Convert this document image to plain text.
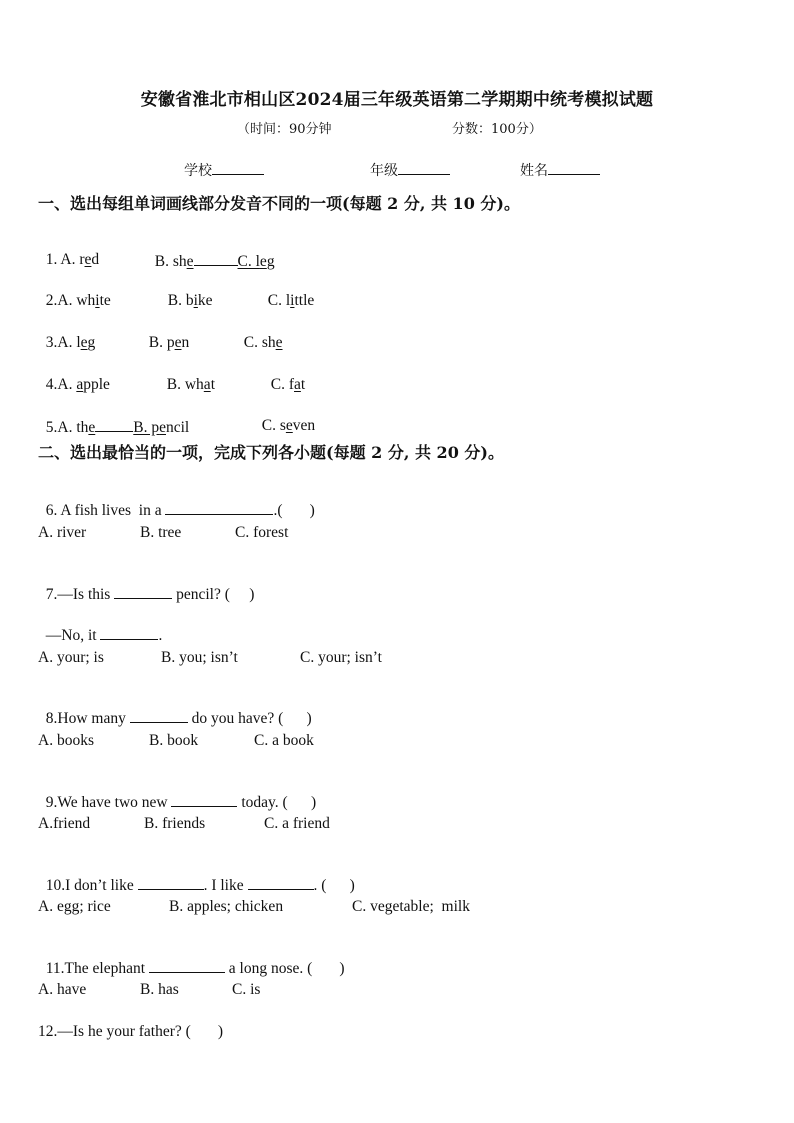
安徽省淮北市相山区2024届三年级英语第二学期期中统考模拟试题
（时间：90分钟	分数：100分）
学校	年级	姓名
一、选出每组单词画线部分发音不同的一项(每题 2 分, 共 10 分)。

1. A. red	B. she	C. leg

2.A. white	B. bike	C. little

3.A. leg	B. pen	C. she

4.A. apple	B. what	C. fat

5.A. the B. pencil	C. seven

二、选出最恰当的一项，完成下列各小题(每题 2 分, 共 20 分)。

6. A fish lives  in a	.(       )

A. river	B. tree	C. forest

7.—Is this	pencil? (     )

—No, it	.

A. your; is	B. you; isn’t	C. your; isn’t

8.How many	do you have? (      )

A. books	B. book	C. a book

9.We have two new	today. (      )

A.friend	B. friends	C. a friend

10.I don’t like	. I like	. (      )

A. egg; rice	B. apples; chicken	C. vegetable;  milk

11.The elephant	a long nose. (       )

A. have	B. has	C. is
12.—Is he your father? (       )
